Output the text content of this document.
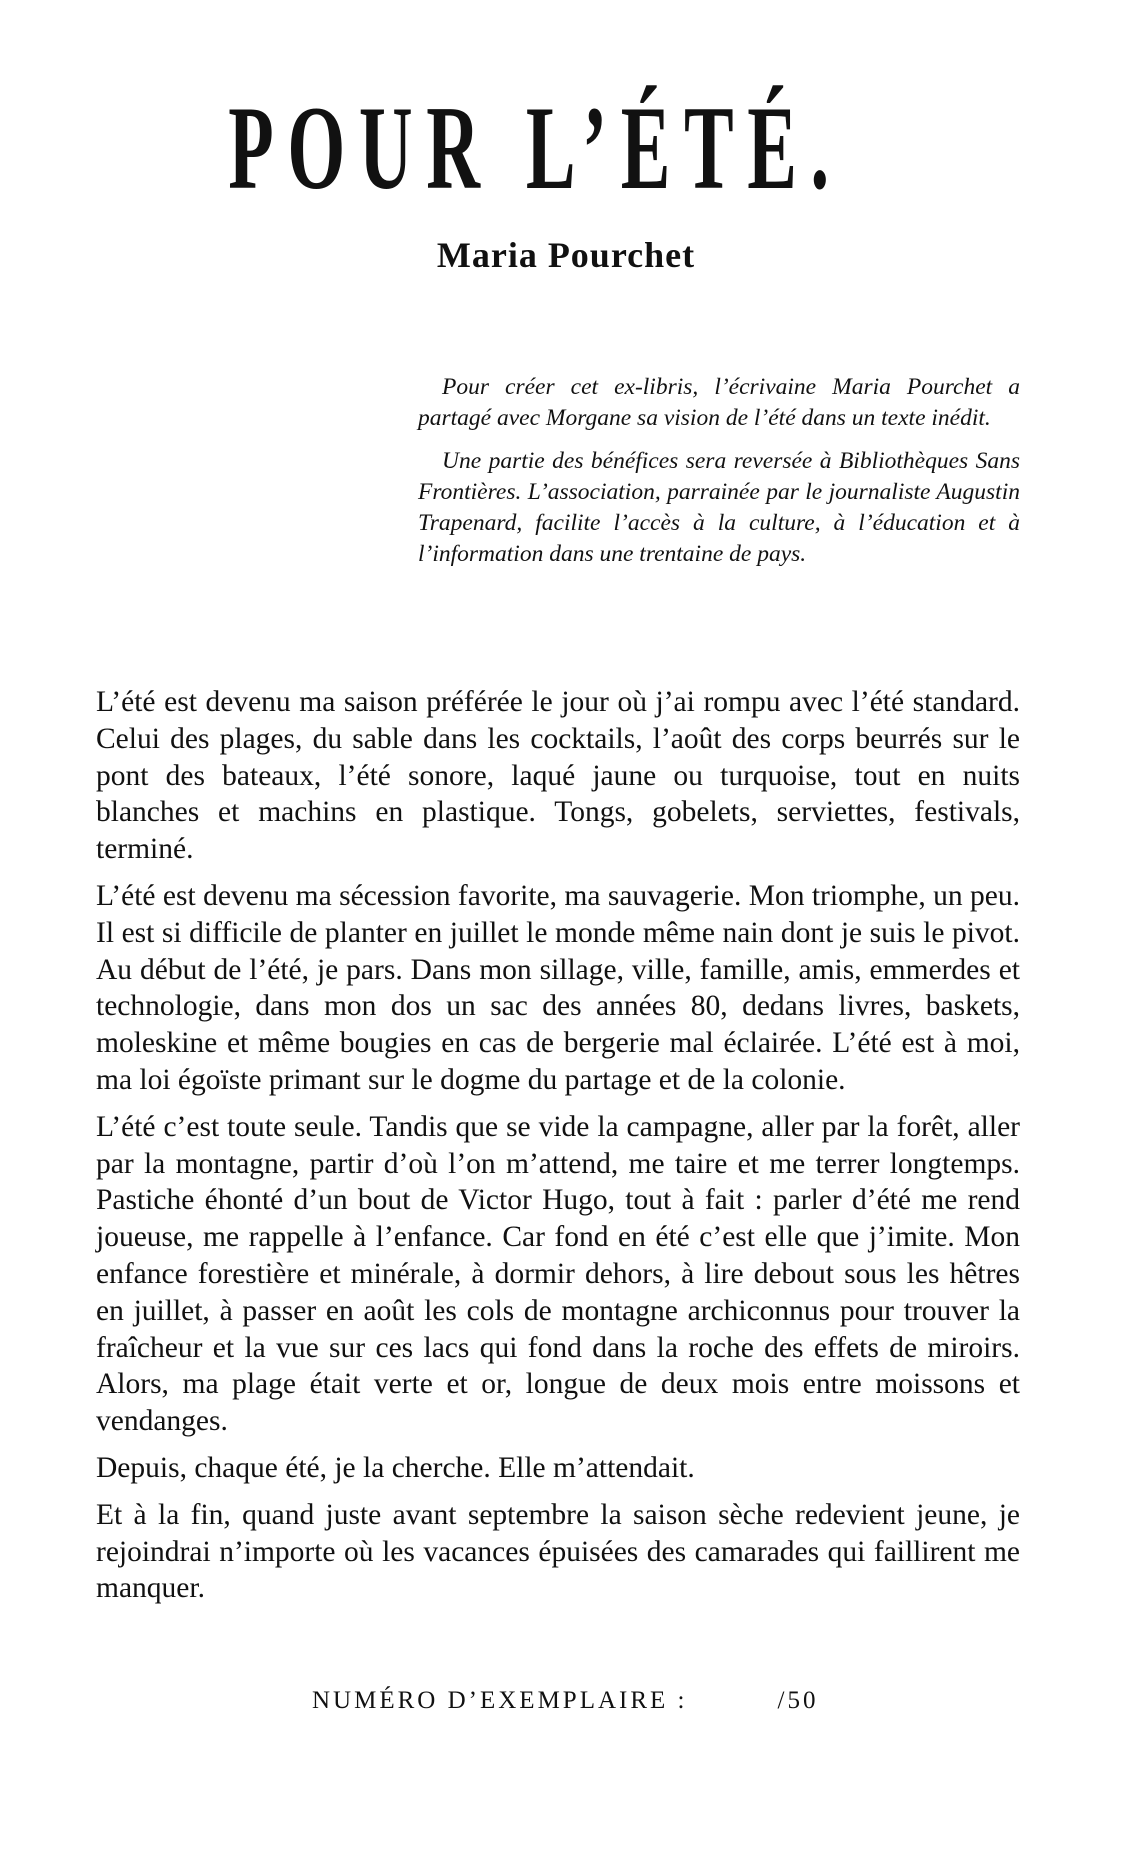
POUR L’ÉTÉ.
Maria Pourchet

Pour créer cet ex-libris, l’écrivaine Maria Pourchet a partagé avec Morgane sa vision de l’été dans un texte inédit.

Une partie des bénéfices sera reversée à Bibliothèques Sans Frontières. L’association, parrainée par le journaliste Augustin Trapenard, facilite l’accès à la culture, à l’éducation et à l’information dans une trentaine de pays.

L’été est devenu ma saison préférée le jour où j’ai rompu avec l’été standard. Celui des plages, du sable dans les cocktails, l’août des corps beurrés sur le pont des bateaux, l’été sonore, laqué jaune ou turquoise, tout en nuits blanches et machins en plastique. Tongs, gobelets, serviettes, festivals, terminé.

L’été est devenu ma sécession favorite, ma sauvagerie. Mon triomphe, un peu. Il est si difficile de planter en juillet le monde même nain dont je suis le pivot. Au début de l’été, je pars. Dans mon sillage, ville, famille, amis, emmerdes et technologie, dans mon dos un sac des années 80, dedans livres, baskets, moleskine et même bougies en cas de bergerie mal éclairée. L’été est à moi, ma loi égoïste primant sur le dogme du partage et de la colonie.

L’été c’est toute seule. Tandis que se vide la campagne, aller par la forêt, aller par la montagne, partir d’où l’on m’attend, me taire et me terrer longtemps. Pastiche éhonté d’un bout de Victor Hugo, tout à fait : parler d’été me rend joueuse, me rappelle à l’enfance. Car fond en été c’est elle que j’imite. Mon enfance forestière et minérale, à dormir dehors, à lire debout sous les hêtres en juillet, à passer en août les cols de montagne archiconnus pour trouver la fraîcheur et la vue sur ces lacs qui fond dans la roche des effets de miroirs. Alors, ma plage était verte et or, longue de deux mois entre moissons et vendanges.

Depuis, chaque été, je la cherche. Elle m’attendait.

Et à la fin, quand juste avant septembre la saison sèche redevient jeune, je rejoindrai n’importe où les vacances épuisées des camarades qui faillirent me manquer.

NUMÉRO D’EXEMPLAIRE :	/50
